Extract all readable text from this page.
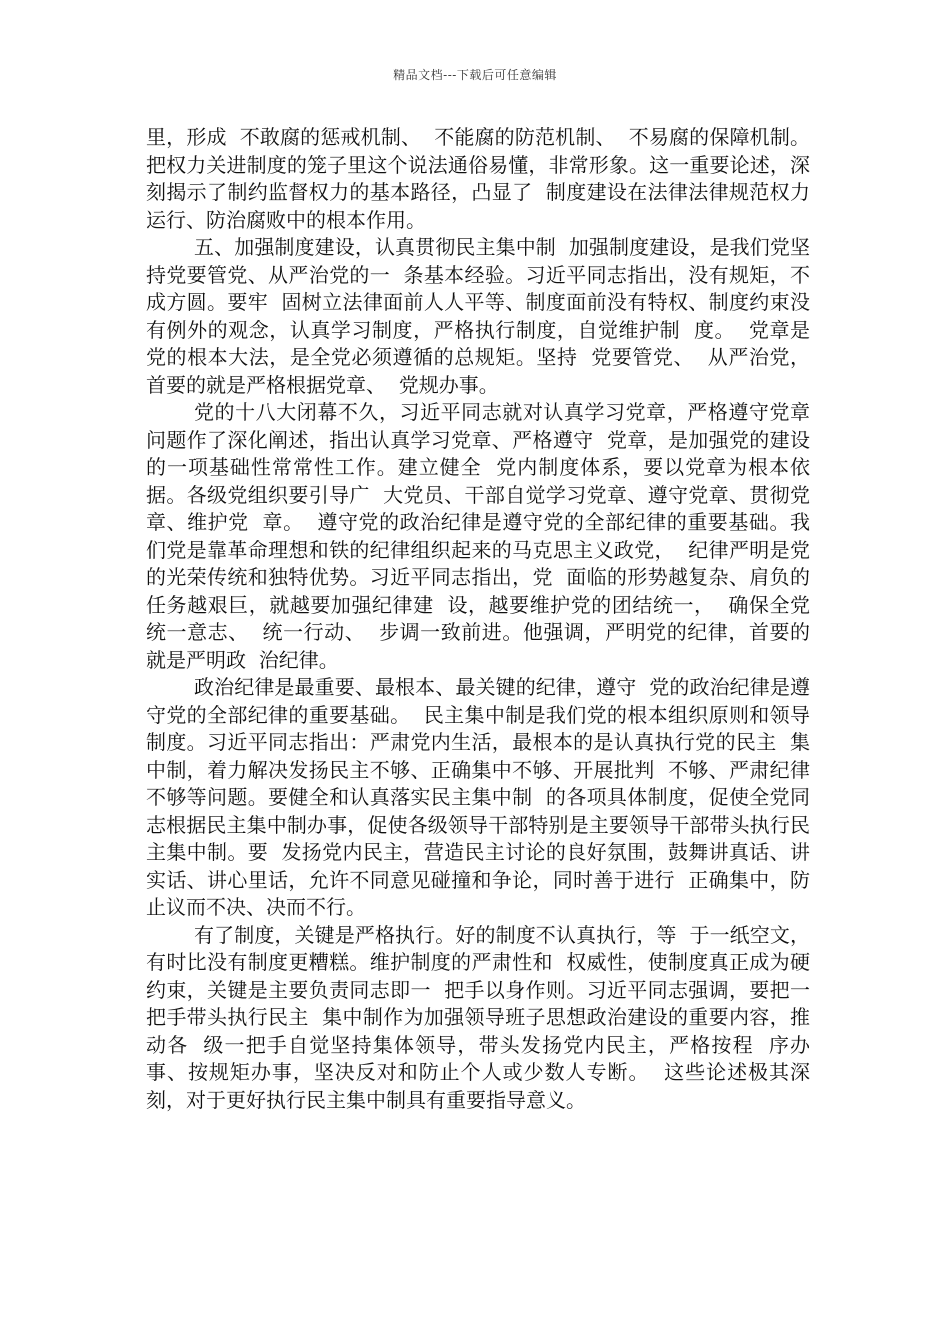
精品文档---下载后可任意编辑

里，形成  不敢腐的惩戒机制、  不能腐的防范机制、  不易腐的保障机制。  把权力关进制度的笼子里这个说法通俗易懂，非常形象。这一重要论述，深刻揭示了制约监督权力的基本路径，凸显了  制度建设在法律法律规范权力运行、防治腐败中的根本作用。

五、加强制度建设，认真贯彻民主集中制  加强制度建设，是我们党坚持党要管党、从严治党的一  条基本经验。习近平同志指出，没有规矩，不成方圆。要牢  固树立法律面前人人平等、制度面前没有特权、制度约束没  有例外的观念，认真学习制度，严格执行制度，自觉维护制  度。  党章是党的根本大法，是全党必须遵循的总规矩。坚持  党要管党、  从严治党，  首要的就是严格根据党章、  党规办事。

党的十八大闭幕不久，习近平同志就对认真学习党章，严格遵守党章问题作了深化阐述，指出认真学习党章、严格遵守  党章，是加强党的建设的一项基础性常常性工作。建立健全  党内制度体系，要以党章为根本依据。各级党组织要引导广  大党员、干部自觉学习党章、遵守党章、贯彻党章、维护党  章。  遵守党的政治纪律是遵守党的全部纪律的重要基础。我  们党是靠革命理想和铁的纪律组织起来的马克思主义政党，  纪律严明是党的光荣传统和独特优势。习近平同志指出，党  面临的形势越复杂、肩负的任务越艰巨，就越要加强纪律建  设，越要维护党的团结统一，  确保全党统一意志、  统一行动、  步调一致前进。他强调，严明党的纪律，首要的就是严明政  治纪律。

政治纪律是最重要、最根本、最关键的纪律，遵守  党的政治纪律是遵守党的全部纪律的重要基础。  民主集中制是我们党的根本组织原则和领导制度。习近平同志指出：严肃党内生活，最根本的是认真执行党的民主  集中制，着力解决发扬民主不够、正确集中不够、开展批判  不够、严肃纪律不够等问题。要健全和认真落实民主集中制  的各项具体制度，促使全党同志根据民主集中制办事，促使各级领导干部特别是主要领导干部带头执行民主集中制。要  发扬党内民主，营造民主讨论的良好氛围，鼓舞讲真话、讲  实话、讲心里话，允许不同意见碰撞和争论，同时善于进行  正确集中，防止议而不决、决而不行。

有了制度，关键是严格执行。好的制度不认真执行，等  于一纸空文，有时比没有制度更糟糕。维护制度的严肃性和  权威性，使制度真正成为硬约束，关键是主要负责同志即一  把手以身作则。习近平同志强调，要把一把手带头执行民主  集中制作为加强领导班子思想政治建设的重要内容，推动各  级一把手自觉坚持集体领导，带头发扬党内民主，严格按程  序办事、按规矩办事，坚决反对和防止个人或少数人专断。  这些论述极其深刻，对于更好执行民主集中制具有重要指导意义。
